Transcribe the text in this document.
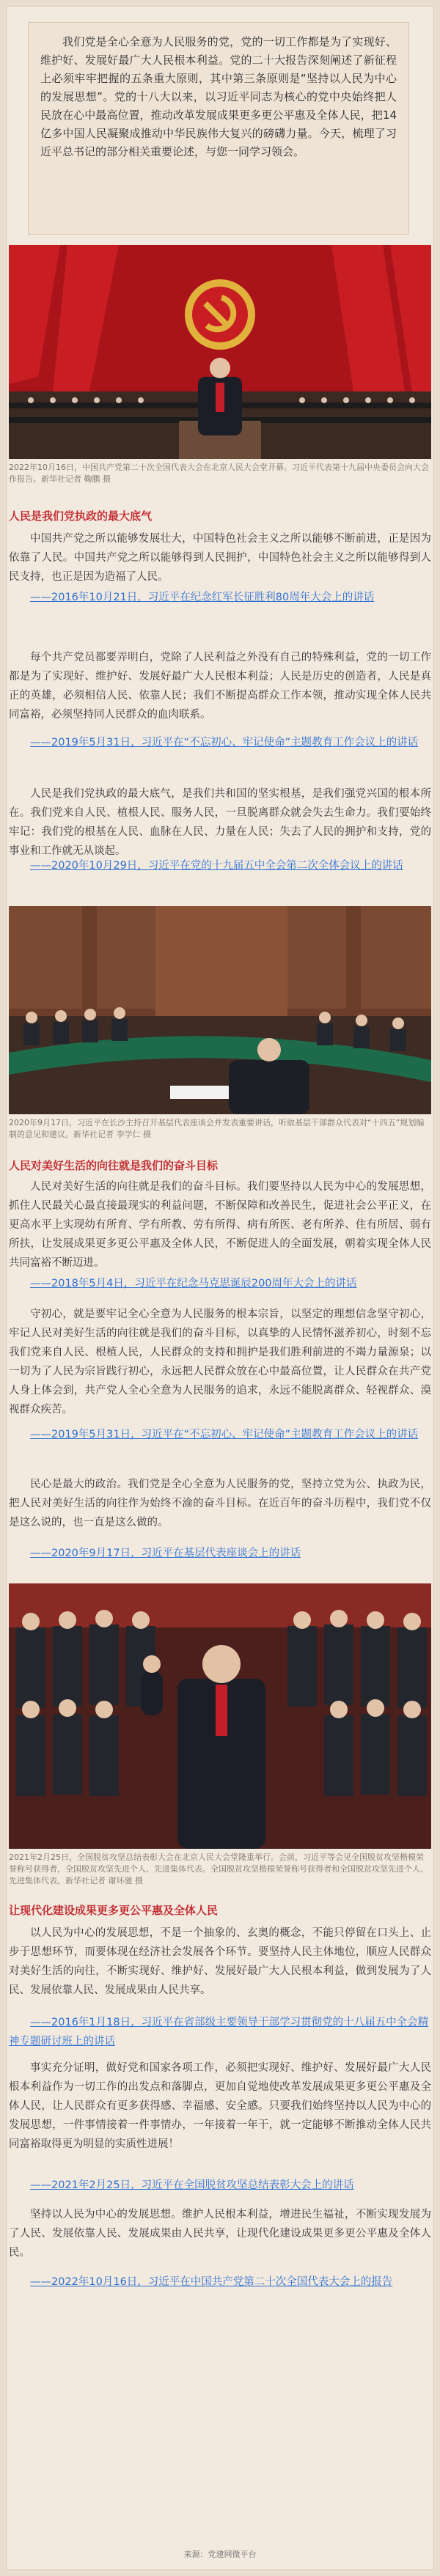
我们党是全心全意为人民服务的党，党的一切工作都是为了实现好、维护好、发展好最广大人民根本利益。党的二十大报告深刻阐述了新征程上必须牢牢把握的五条重大原则，其中第三条原则是“坚持以人民为中心的发展思想”。党的十八大以来，以习近平同志为核心的党中央始终把人民放在心中最高位置，推动改革发展成果更多更公平惠及全体人民，把14亿多中国人民凝聚成推动中华民族伟大复兴的磅礴力量。今天，梳理了习近平总书记的部分相关重要论述，与您一同学习领会。

2022年10月16日，中国共产党第二十次全国代表大会在北京人民大会堂开幕。习近平代表第十九届中央委员会向大会作报告。新华社记者 鞠鹏 摄
人民是我们党执政的最大底气

中国共产党之所以能够发展壮大，中国特色社会主义之所以能够不断前进，正是因为依靠了人民。中国共产党之所以能够得到人民拥护，中国特色社会主义之所以能够得到人民支持，也正是因为造福了人民。

——2016年10月21日，习近平在纪念红军长征胜利80周年大会上的讲话

每个共产党员都要弄明白，党除了人民利益之外没有自己的特殊利益，党的一切工作都是为了实现好、维护好、发展好最广大人民根本利益；人民是历史的创造者，人民是真正的英雄，必须相信人民、依靠人民；我们不断提高群众工作本领，推动实现全体人民共同富裕，必须坚持同人民群众的血肉联系。

——2019年5月31日，习近平在“不忘初心、牢记使命”主题教育工作会议上的讲话

人民是我们党执政的最大底气，是我们共和国的坚实根基，是我们强党兴国的根本所在。我们党来自人民、植根人民、服务人民，一旦脱离群众就会失去生命力。我们要始终牢记：我们党的根基在人民、血脉在人民、力量在人民；失去了人民的拥护和支持，党的事业和工作就无从谈起。

——2020年10月29日，习近平在党的十九届五中全会第二次全体会议上的讲话

2020年9月17日，习近平在长沙主持召开基层代表座谈会并发表重要讲话，听取基层干部群众代表对“十四五”规划编制的意见和建议。新华社记者 李学仁 摄
人民对美好生活的向往就是我们的奋斗目标

人民对美好生活的向往就是我们的奋斗目标。我们要坚持以人民为中心的发展思想，抓住人民最关心最直接最现实的利益问题，不断保障和改善民生，促进社会公平正义，在更高水平上实现幼有所育、学有所教、劳有所得、病有所医、老有所养、住有所居、弱有所扶，让发展成果更多更公平惠及全体人民，不断促进人的全面发展，朝着实现全体人民共同富裕不断迈进。

——2018年5月4日，习近平在纪念马克思诞辰200周年大会上的讲话

守初心，就是要牢记全心全意为人民服务的根本宗旨，以坚定的理想信念坚守初心，牢记人民对美好生活的向往就是我们的奋斗目标，以真挚的人民情怀滋养初心，时刻不忘我们党来自人民、根植人民，人民群众的支持和拥护是我们胜利前进的不竭力量源泉；以一切为了人民为宗旨践行初心，永远把人民群众放在心中最高位置，让人民群众在共产党人身上体会到，共产党人全心全意为人民服务的追求，永远不能脱离群众、轻视群众、漠视群众疾苦。

——2019年5月31日，习近平在“不忘初心、牢记使命”主题教育工作会议上的讲话

民心是最大的政治。我们党是全心全意为人民服务的党，坚持立党为公、执政为民，把人民对美好生活的向往作为始终不渝的奋斗目标。在近百年的奋斗历程中，我们党不仅是这么说的，也一直是这么做的。

——2020年9月17日，习近平在基层代表座谈会上的讲话

2021年2月25日，全国脱贫攻坚总结表彰大会在北京人民大会堂隆重举行。会前，习近平等会见全国脱贫攻坚楷模荣誉称号获得者，全国脱贫攻坚先进个人、先进集体代表。全国脱贫攻坚楷模荣誉称号获得者和全国脱贫攻坚先进个人、先进集体代表。新华社记者 谢环驰 摄
让现代化建设成果更多更公平惠及全体人民

以人民为中心的发展思想，不是一个抽象的、玄奥的概念，不能只停留在口头上、止步于思想环节，而要体现在经济社会发展各个环节。要坚持人民主体地位，顺应人民群众对美好生活的向往，不断实现好、维护好、发展好最广大人民根本利益，做到发展为了人民、发展依靠人民、发展成果由人民共享。

——2016年1月18日，习近平在省部级主要领导干部学习贯彻党的十八届五中全会精神专题研讨班上的讲话

事实充分证明，做好党和国家各项工作，必须把实现好、维护好、发展好最广大人民根本利益作为一切工作的出发点和落脚点，更加自觉地使改革发展成果更多更公平惠及全体人民，让人民群众有更多获得感、幸福感、安全感。只要我们始终坚持以人民为中心的发展思想，一件事情接着一件事情办，一年接着一年干，就一定能够不断推动全体人民共同富裕取得更为明显的实质性进展！

——2021年2月25日，习近平在全国脱贫攻坚总结表彰大会上的讲话

坚持以人民为中心的发展思想。维护人民根本利益，增进民生福祉，不断实现发展为了人民、发展依靠人民、发展成果由人民共享，让现代化建设成果更多更公平惠及全体人民。

——2022年10月16日，习近平在中国共产党第二十次全国代表大会上的报告

来源：党建网微平台
